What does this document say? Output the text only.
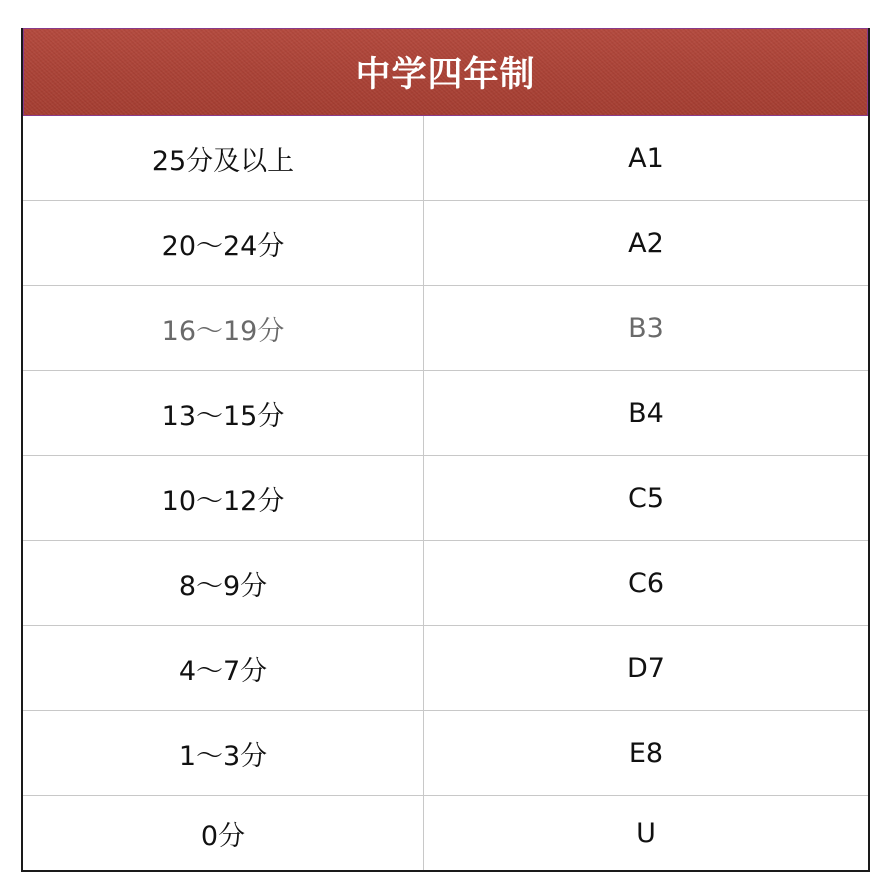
中学四年制
25分及以上	A1
20～24分	A2
16～19分	B3
13～15分	B4
10～12分	C5
8～9分	C6
4～7分	D7
1～3分	E8
0分	U
